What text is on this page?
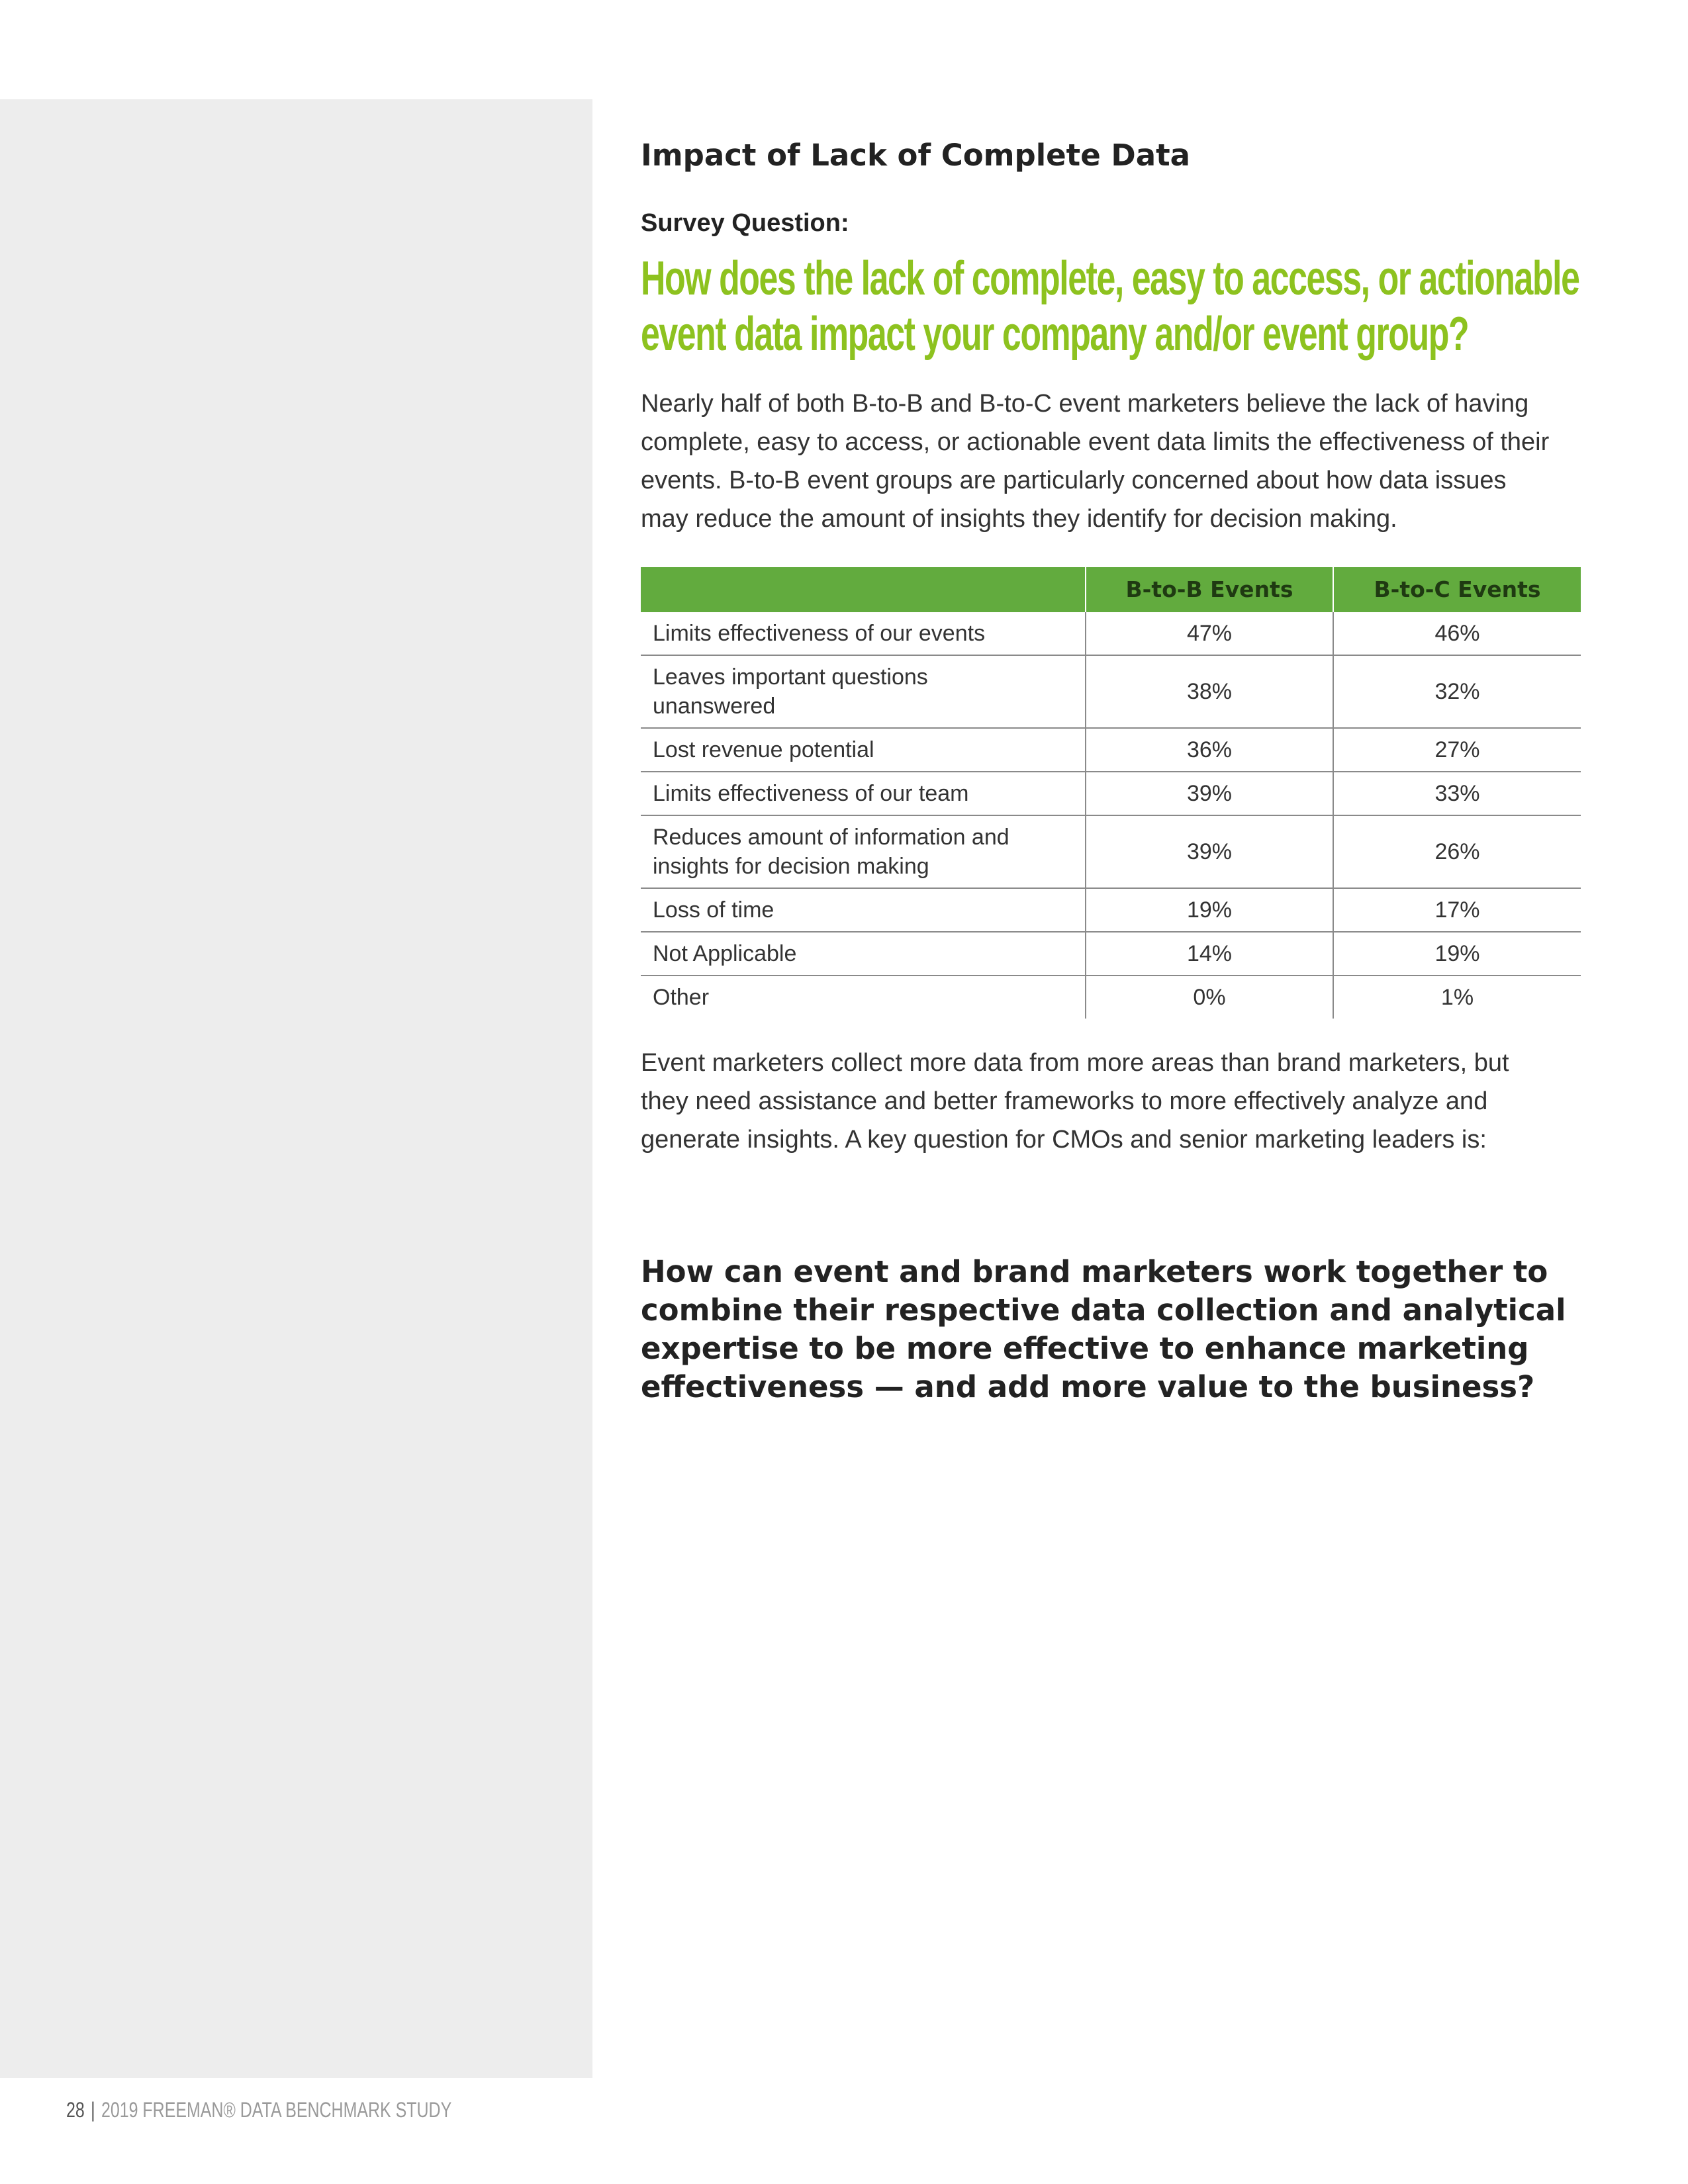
Impact of Lack of Complete Data
Survey Question:
How does the lack of complete, easy to access, or actionable
event data impact your company and/or event group?
Nearly half of both B-to-B and B-to-C event marketers believe the lack of having
complete, easy to access, or actionable event data limits the effectiveness of their
events. B-to-B event groups are particularly concerned about how data issues
may reduce the amount of insights they identify for decision making.
	B-to-B Events	B-to-C Events

Limits effectiveness of our events	47%	46%

Leaves important questions
unanswered	38%	32%

Lost revenue potential	36%	27%

Limits effectiveness of our team	39%	33%

Reduces amount of information and
insights for decision making	39%	26%

Loss of time	19%	17%

Not Applicable	14%	19%

Other	0%	1%
Event marketers collect more data from more areas than brand marketers, but
they need assistance and better frameworks to more effectively analyze and
generate insights. A key question for CMOs and senior marketing leaders is:
How can event and brand marketers work together to
combine their respective data collection and analytical
expertise to be more effective to enhance marketing
effectiveness — and add more value to the business?
28 | 2019 FREEMAN® DATA BENCHMARK STUDY
